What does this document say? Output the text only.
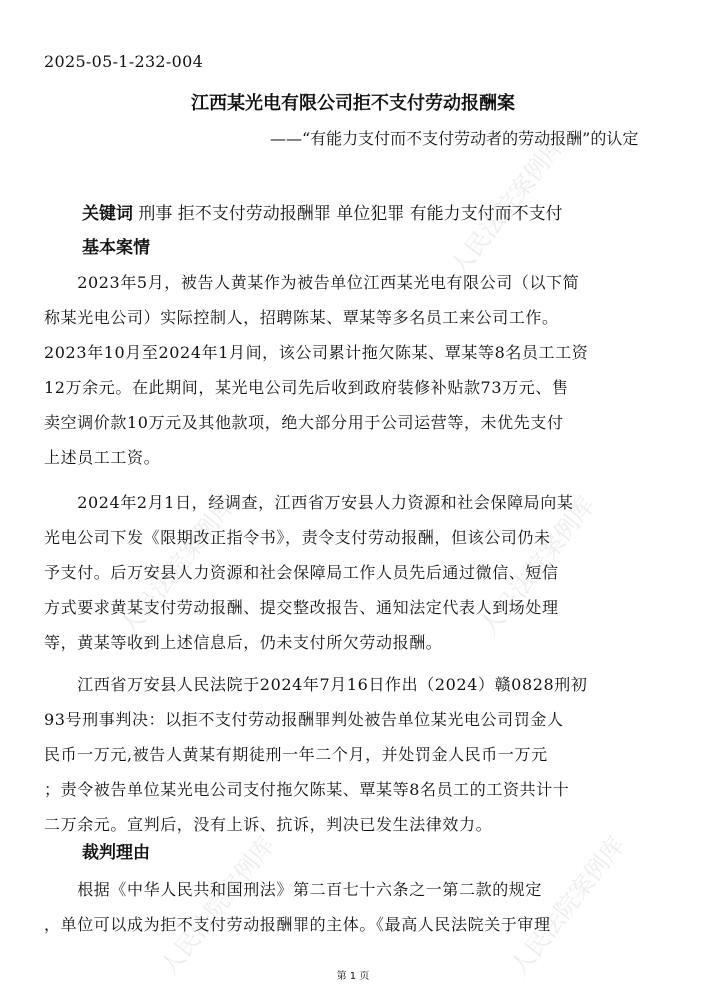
人民法院案例库
人民法院案例库	人民法院案例库
人民法院案例库	人民法院案例库
2025-05-1-232-004
江西某光电有限公司拒不支付劳动报酬案
——“有能力支付而不支付劳动者的劳动报酬”的认定
关键词 刑事 拒不支付劳动报酬罪 单位犯罪 有能力支付而不支付
基本案情
　　2023年5月，被告人黄某作为被告单位江西某光电有限公司（以下简
称某光电公司）实际控制人，招聘陈某、覃某等多名员工来公司工作。
2023年10月至2024年1月间，该公司累计拖欠陈某、覃某等8名员工工资
12万余元。在此期间，某光电公司先后收到政府装修补贴款73万元、售
卖空调价款10万元及其他款项，绝大部分用于公司运营等，未优先支付
上述员工工资。
　　2024年2月1日，经调查，江西省万安县人力资源和社会保障局向某
光电公司下发《限期改正指令书》，责令支付劳动报酬，但该公司仍未
予支付。后万安县人力资源和社会保障局工作人员先后通过微信、短信
方式要求黄某支付劳动报酬、提交整改报告、通知法定代表人到场处理
等，黄某等收到上述信息后，仍未支付所欠劳动报酬。
　　江西省万安县人民法院于2024年7月16日作出（2024）赣0828刑初
93号刑事判决：以拒不支付劳动报酬罪判处被告单位某光电公司罚金人
民币一万元,被告人黄某有期徒刑一年二个月，并处罚金人民币一万元
；责令被告单位某光电公司支付拖欠陈某、覃某等8名员工的工资共计十
二万余元。宣判后，没有上诉、抗诉，判决已发生法律效力。
裁判理由
　　根据《中华人民共和国刑法》第二百七十六条之一第二款的规定
，单位可以成为拒不支付劳动报酬罪的主体。《最高人民法院关于审理
第 1 页
